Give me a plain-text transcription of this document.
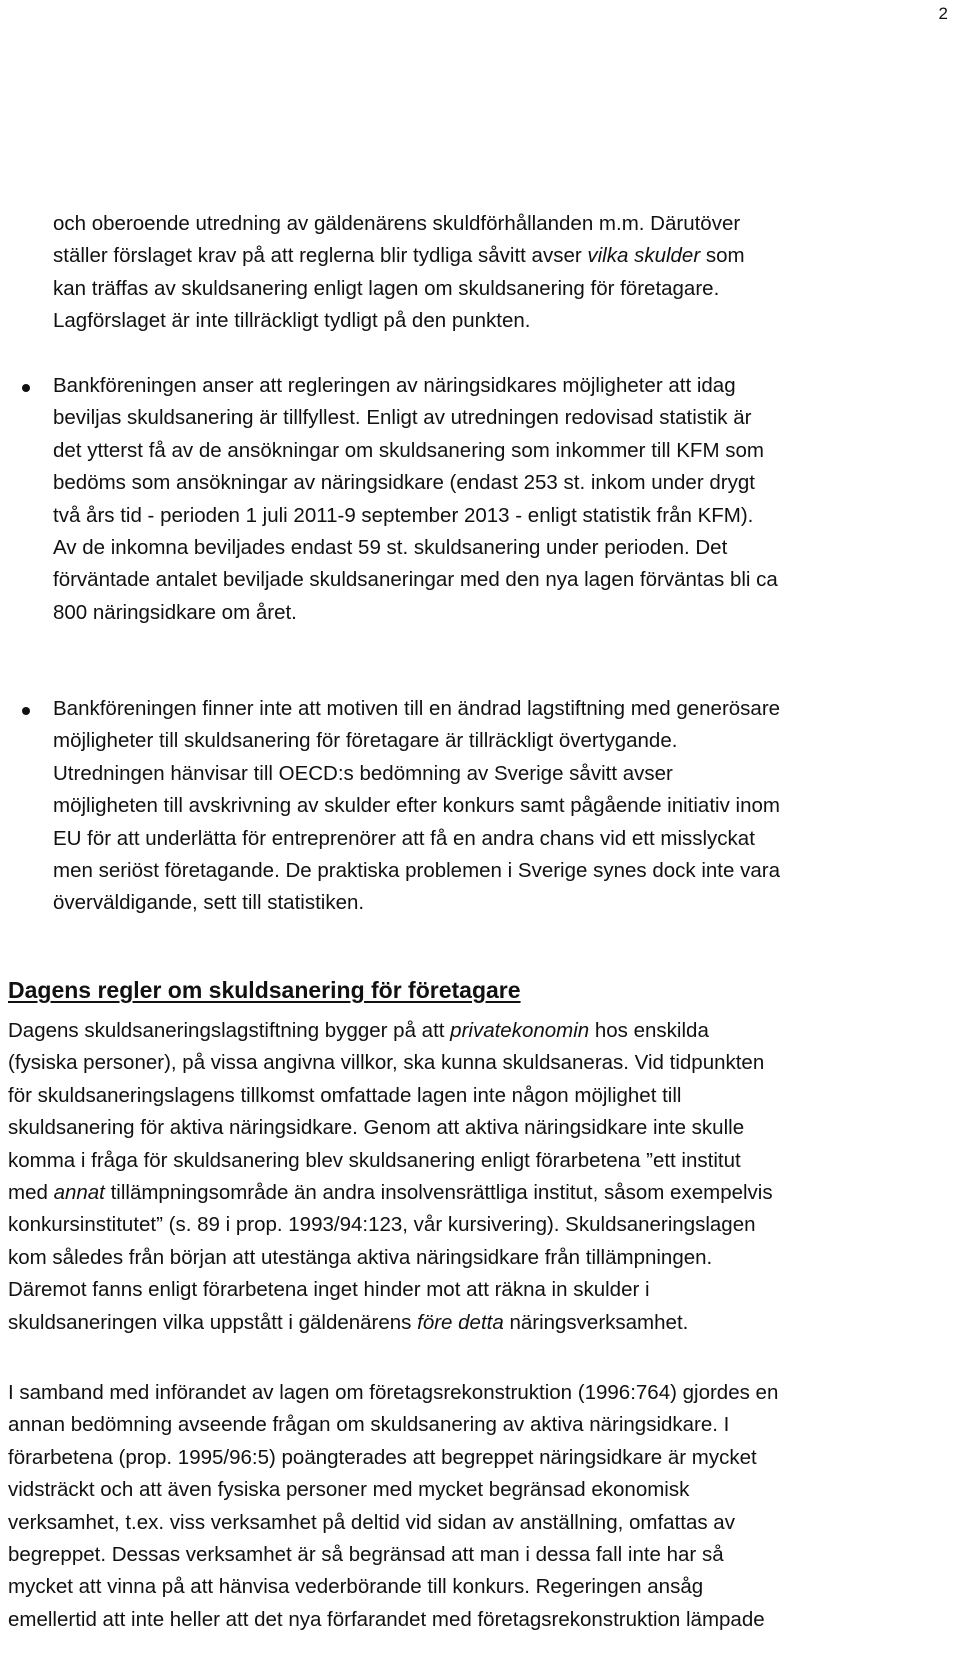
2

och oberoende utredning av gäldenärens skuldförhållanden m.m. Därutöver
ställer förslaget krav på att reglerna blir tydliga såvitt avser vilka skulder som
kan träffas av skuldsanering enligt lagen om skuldsanering för företagare.
Lagförslaget är inte tillräckligt tydligt på den punkten.

Bankföreningen anser att regleringen av näringsidkares möjligheter att idag
beviljas skuldsanering är tillfyllest. Enligt av utredningen redovisad statistik är
det ytterst få av de ansökningar om skuldsanering som inkommer till KFM som
bedöms som ansökningar av näringsidkare (endast 253 st. inkom under drygt
två års tid - perioden 1 juli 2011-9 september 2013 - enligt statistik från KFM).
Av de inkomna beviljades endast 59 st. skuldsanering under perioden. Det
förväntade antalet beviljade skuldsaneringar med den nya lagen förväntas bli ca
800 näringsidkare om året.

Bankföreningen finner inte att motiven till en ändrad lagstiftning med generösare
möjligheter till skuldsanering för företagare är tillräckligt övertygande.
Utredningen hänvisar till OECD:s bedömning av Sverige såvitt avser
möjligheten till avskrivning av skulder efter konkurs samt pågående initiativ inom
EU för att underlätta för entreprenörer att få en andra chans vid ett misslyckat
men seriöst företagande. De praktiska problemen i Sverige synes dock inte vara
överväldigande, sett till statistiken.

Dagens regler om skuldsanering för företagare

Dagens skuldsaneringslagstiftning bygger på att privatekonomin hos enskilda
(fysiska personer), på vissa angivna villkor, ska kunna skuldsaneras. Vid tidpunkten
för skuldsaneringslagens tillkomst omfattade lagen inte någon möjlighet till
skuldsanering för aktiva näringsidkare. Genom att aktiva näringsidkare inte skulle
komma i fråga för skuldsanering blev skuldsanering enligt förarbetena ”ett institut
med annat tillämpningsområde än andra insolvensrättliga institut, såsom exempelvis
konkursinstitutet” (s. 89 i prop. 1993/94:123, vår kursivering). Skuldsaneringslagen
kom således från början att utestänga aktiva näringsidkare från tillämpningen.
Däremot fanns enligt förarbetena inget hinder mot att räkna in skulder i
skuldsaneringen vilka uppstått i gäldenärens före detta näringsverksamhet.

I samband med införandet av lagen om företagsrekonstruktion (1996:764) gjordes en
annan bedömning avseende frågan om skuldsanering av aktiva näringsidkare. I
förarbetena (prop. 1995/96:5) poängterades att begreppet näringsidkare är mycket
vidsträckt och att även fysiska personer med mycket begränsad ekonomisk
verksamhet, t.ex. viss verksamhet på deltid vid sidan av anställning, omfattas av
begreppet. Dessas verksamhet är så begränsad att man i dessa fall inte har så
mycket att vinna på att hänvisa vederbörande till konkurs. Regeringen ansåg
emellertid att inte heller att det nya förfarandet med företagsrekonstruktion lämpade
